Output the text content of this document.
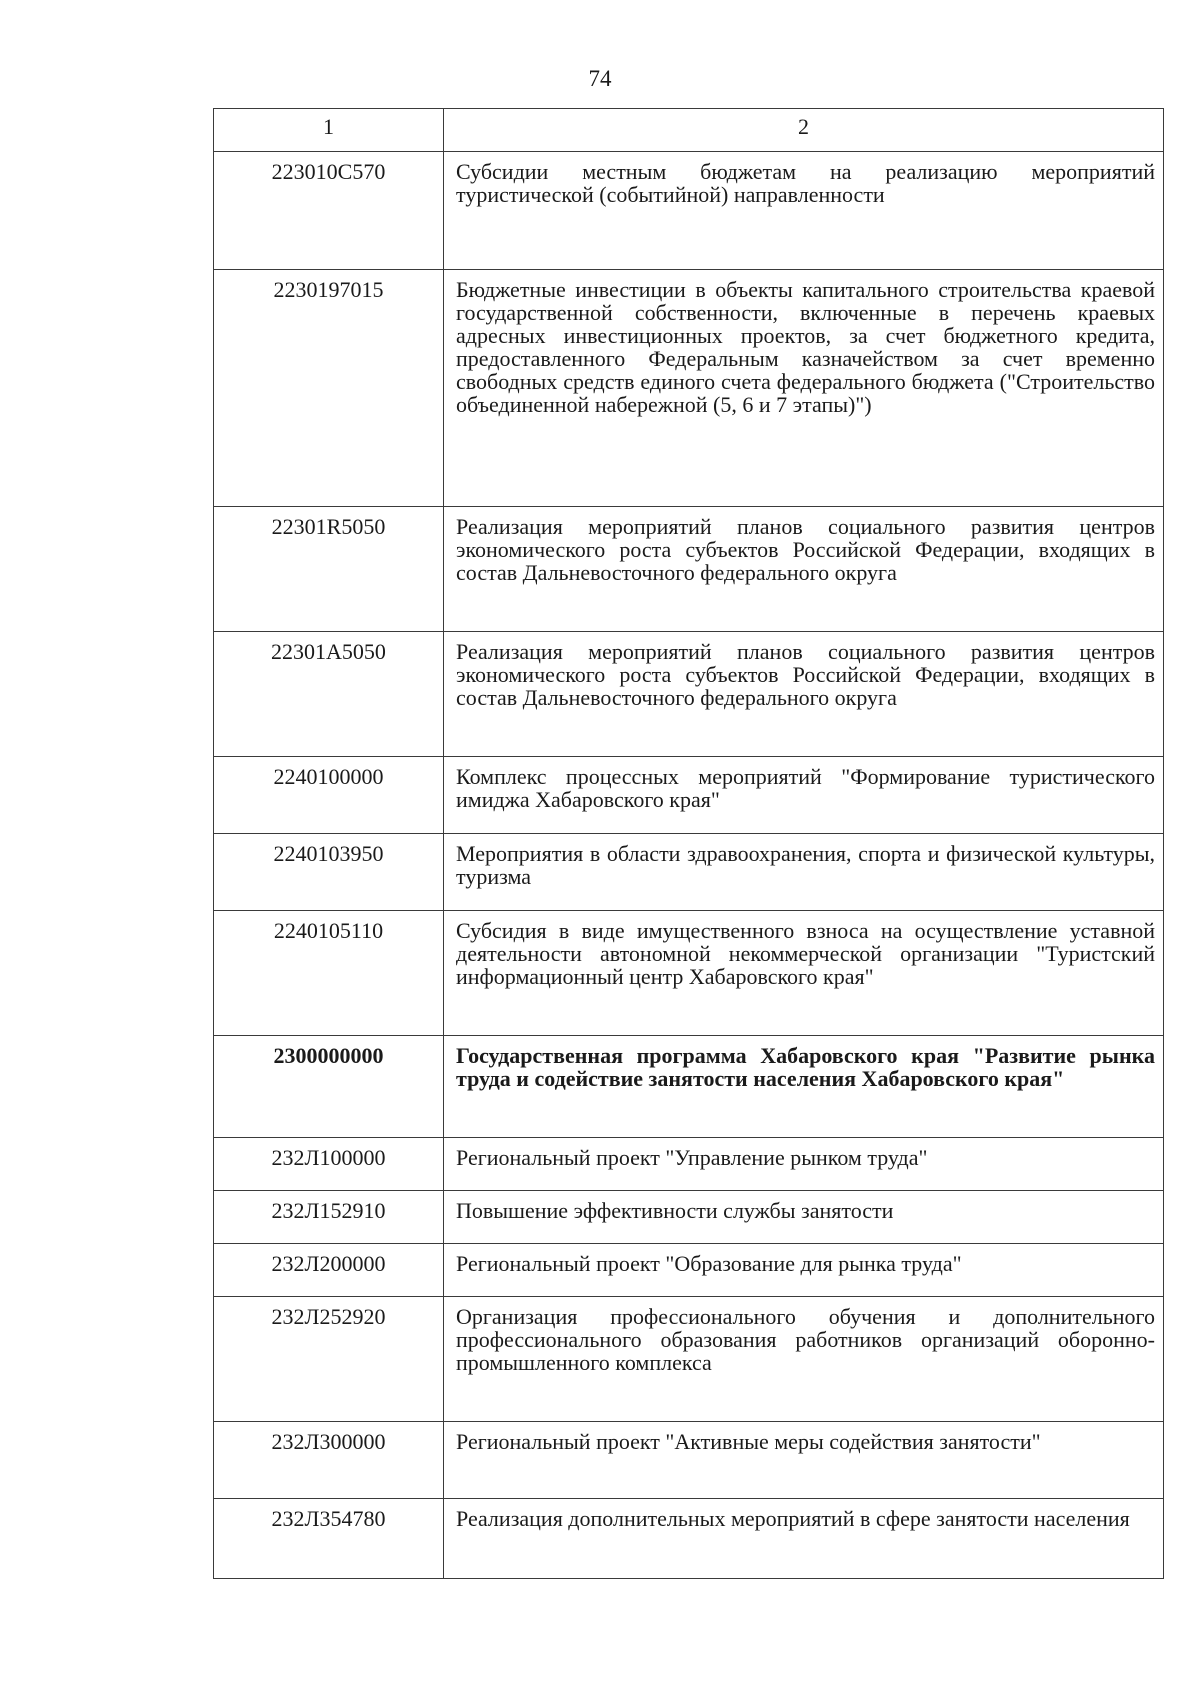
74
1	2
223010C570	Субсидии местным бюджетам на реализацию мероприятий туристической (событийной) направленности
2230197015	Бюджетные инвестиции в объекты капитального строительства краевой государственной собственности, включенные в перечень краевых адресных инвестиционных проектов, за счет бюджетного кредита, предоставленного Федеральным казначейством за счет временно свободных средств единого счета федерального бюджета ("Строительство объединенной набережной (5, 6 и 7 этапы)")
22301R5050	Реализация мероприятий планов социального развития центров экономического роста субъектов Российской Федерации, входящих в состав Дальневосточного федерального округа
22301А5050	Реализация мероприятий планов социального развития центров экономического роста субъектов Российской Федерации, входящих в состав Дальневосточного федерального округа
2240100000	Комплекс процессных мероприятий "Формирование туристического имиджа Хабаровского края"
2240103950	Мероприятия в области здравоохранения, спорта и физической культуры, туризма
2240105110	Субсидия в виде имущественного взноса на осуществление уставной деятельности автономной некоммерческой организации "Туристский информационный центр Хабаровского края"
2300000000	Государственная программа Хабаровского края "Развитие рынка труда и содействие занятости населения Хабаровского края"
232Л100000	Региональный проект "Управление рынком труда"
232Л152910	Повышение эффективности службы занятости
232Л200000	Региональный проект "Образование для рынка труда"
232Л252920	Организация профессионального обучения и дополнительного профессионального образования работников организаций оборонно-промышленного комплекса
232Л300000	Региональный проект "Активные меры содействия занятости"
232Л354780	Реализация дополнительных мероприятий в сфере занятости населения
